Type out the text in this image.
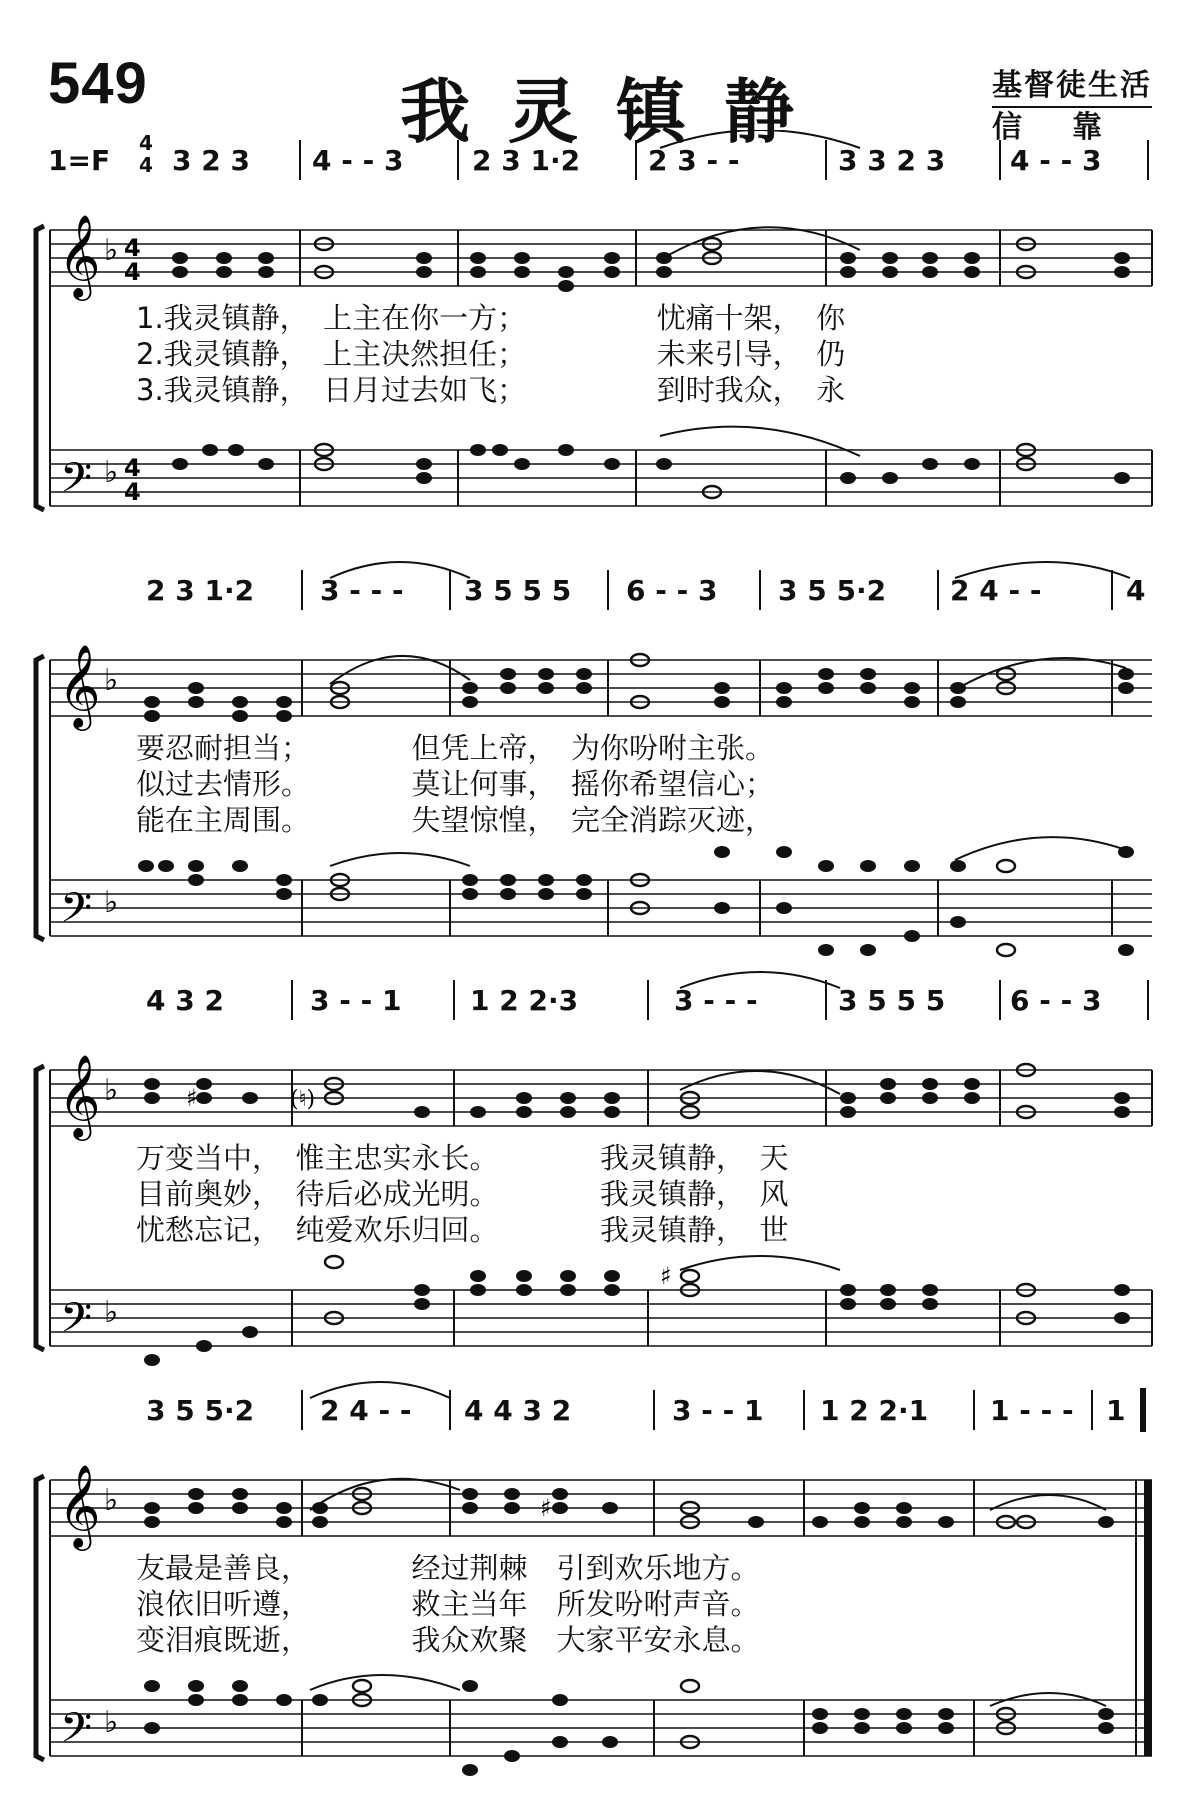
549	我灵镇静	基督徒生活
信靠
1=F
4
4 3 2 3 4 - - 3 2 3 1·2 2 3 - -	3 3 2 3 4 - - 3
𝄞 ♭ 4
4
𝄢 ♭ 4
4
1.我灵镇静，　上主在你一方；　　　　　忧痛十架，　你
2.我灵镇静，　上主决然担任；　　　　　未来引导，　仍
3.我灵镇静，　日月过去如飞；　　　　　到时我众，　永
2 3 1·2 3 - - - 3 5 5 5 6 - - 3 3 5 5·2 2 4 - -	4
𝄞 ♭
𝄢 ♭
要忍耐担当；　　　　但凭上帝，　为你吩咐主张。
似过去情形。　　　　莫让何事，　摇你希望信心；
能在主周围。　　　　失望惊惶，　完全消踪灭迹，
4 3 2	3 - - 1 1 2 2·3	3 - - -	3 5 5 5 6 - - 3
𝄞 ♭
𝄢 ♭
♯	(♮)
♯
万变当中，　惟主忠实永长。　　　　我灵镇静，　天
目前奥妙，　待后必成光明。　　　　我灵镇静，　风
忧愁忘记，　纯爱欢乐归回。　　　　我灵镇静，　世
3 5 5·2 2 4 - - 4 4 3 2	3 - - 1 1 2 2·1 1 - - - 1
𝄞 ♭
𝄢 ♭
♯
友最是善良，　　　　经过荆棘　引到欢乐地方。
浪依旧听遵，　　　　救主当年　所发吩咐声音。
变泪痕既逝，　　　　我众欢聚　大家平安永息。
